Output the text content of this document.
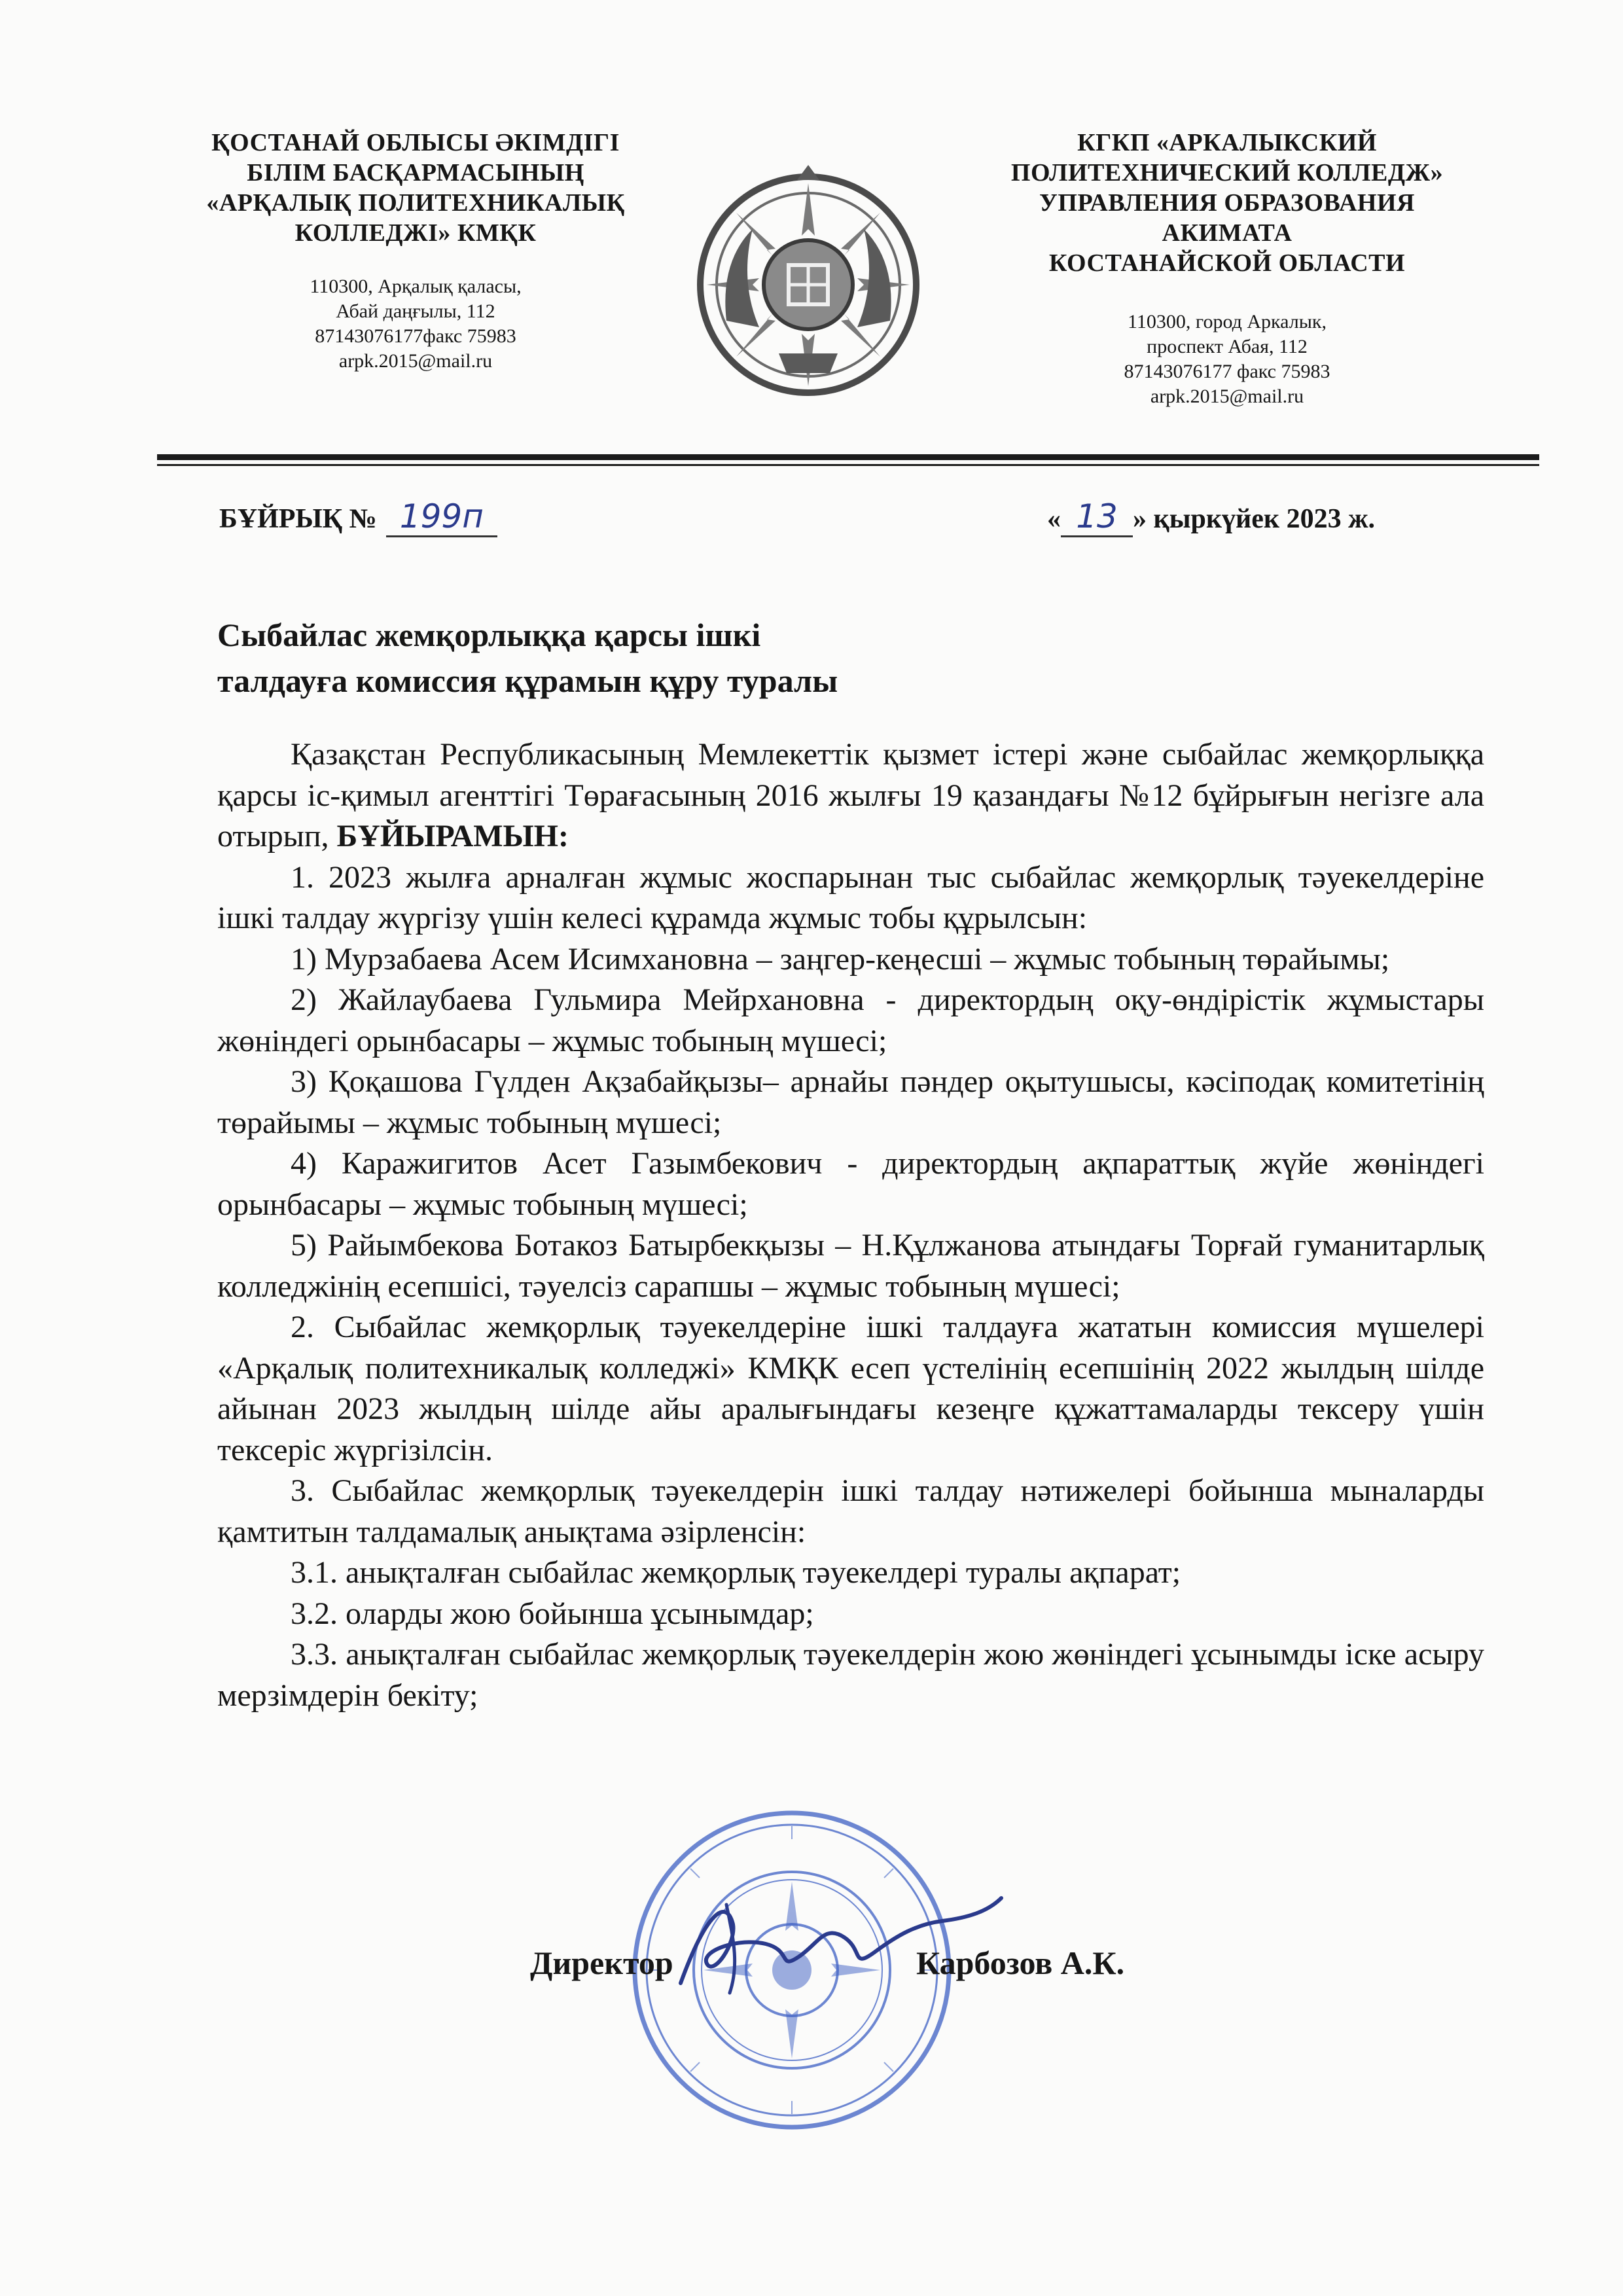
ҚОСТАНАЙ ОБЛЫСЫ ӘКІМДІГІ
БІЛІМ БАСҚАРМАСЫНЫҢ
«АРҚАЛЫҚ ПОЛИТЕХНИКАЛЫҚ
КОЛЛЕДЖІ» КМҚК
110300, Арқалық қаласы,
Абай даңғылы, 112
87143076177факс 75983
arpk.2015@mail.ru
КГКП «АРКАЛЫКСКИЙ
ПОЛИТЕХНИЧЕСКИЙ КОЛЛЕДЖ»
УПРАВЛЕНИЯ ОБРАЗОВАНИЯ
АКИМАТА
КОСТАНАЙСКОЙ ОБЛАСТИ
110300, город Аркалык,
проспект Абая, 112
87143076177 факс 75983
arpk.2015@mail.ru
БҰЙРЫҚ № 199п	« 13 » қыркүйек 2023 ж.
Сыбайлас жемқорлыққа қарсы ішкі
талдауға комиссия құрамын құру туралы

Қазақстан Республикасының Мемлекеттік қызмет істері және сыбайлас жемқорлыққа қарсы іс-қимыл агенттігі Төрағасының 2016 жылғы 19 қазандағы №12 бұйрығын негізге ала отырып, БҰЙЫРАМЫН:

1. 2023 жылға арналған жұмыс жоспарынан тыс сыбайлас жемқорлық тәуекелдеріне ішкі талдау жүргізу үшін келесі құрамда жұмыс тобы құрылсын:

1) Мурзабаева Асем Исимхановна – заңгер-кеңесші – жұмыс тобының төрайымы;

2) Жайлаубаева Гульмира Мейрхановна - директордың оқу-өндірістік жұмыстары жөніндегі орынбасары – жұмыс тобының мүшесі;

3) Қоқашова Гүлден Ақзабайқызы– арнайы пәндер оқытушысы, кәсіподақ комитетінің төрайымы – жұмыс тобының мүшесі;

4) Каражигитов Асет Газымбекович - директордың ақпараттық жүйе жөніндегі орынбасары – жұмыс тобының мүшесі;

5) Райымбекова Ботакоз Батырбекқызы – Н.Құлжанова атындағы Торғай гуманитарлық колледжінің есепшісі, тәуелсіз сарапшы – жұмыс тобының мүшесі;

2. Сыбайлас жемқорлық тәуекелдеріне ішкі талдауға жататын комиссия мүшелері «Арқалық политехникалық колледжі» КМҚК есеп үстелінің есепшінің 2022 жылдың шілде айынан 2023 жылдың шілде айы аралығындағы кезеңге құжаттамаларды тексеру үшін тексеріс жүргізілсін.

3. Сыбайлас жемқорлық тәуекелдерін ішкі талдау нәтижелері бойынша мыналарды қамтитын талдамалық анықтама әзірленсін:

3.1. анықталған сыбайлас жемқорлық тәуекелдері туралы ақпарат;

3.2. оларды жою бойынша ұсынымдар;

3.3. анықталған сыбайлас жемқорлық тәуекелдерін жою жөніндегі ұсынымды іске асыру мерзімдерін бекіту;

Директор	Карбозов А.К.
